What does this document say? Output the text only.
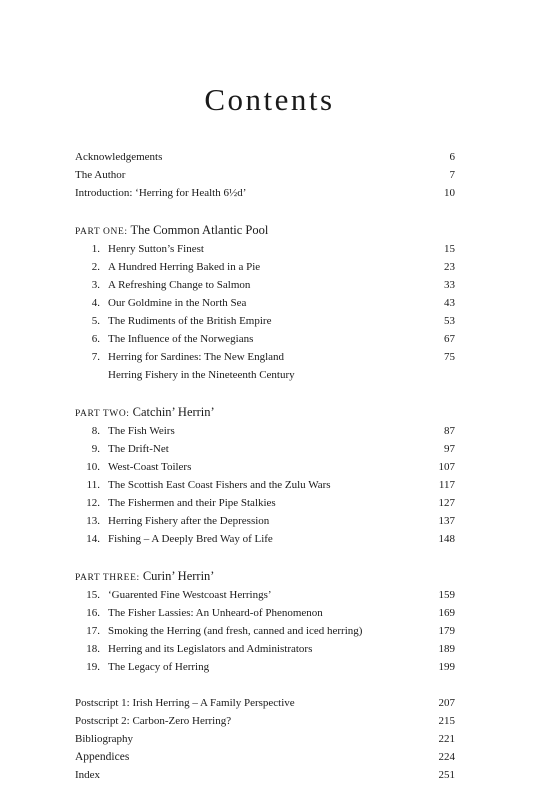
Contents
Acknowledgements	6
The Author	7
Introduction: ‘Herring for Health 6½d’	10
PART ONE: The Common Atlantic Pool
1. Henry Sutton’s Finest	15
2. A Hundred Herring Baked in a Pie	23
3. A Refreshing Change to Salmon	33
4. Our Goldmine in the North Sea	43
5. The Rudiments of the British Empire	53
6. The Influence of the Norwegians	67
7. Herring for Sardines: The New England	75
Herring Fishery in the Nineteenth Century
PART TWO: Catchin’ Herrin’
8. The Fish Weirs	87
9. The Drift-Net	97
10. West-Coast Toilers	107
11. The Scottish East Coast Fishers and the Zulu Wars	117
12. The Fishermen and their Pipe Stalkies	127
13. Herring Fishery after the Depression	137
14. Fishing – A Deeply Bred Way of Life	148
PART THREE: Curin’ Herrin’
15. ‘Guarented Fine Westcoast Herrings’	159
16. The Fisher Lassies: An Unheard-of Phenomenon	169
17. Smoking the Herring (and fresh, canned and iced herring)	179
18. Herring and its Legislators and Administrators	189
19. The Legacy of Herring	199
Postscript 1: Irish Herring – A Family Perspective	207
Postscript 2: Carbon-Zero Herring?	215
Bibliography	221
Appendices	224
Index	251
